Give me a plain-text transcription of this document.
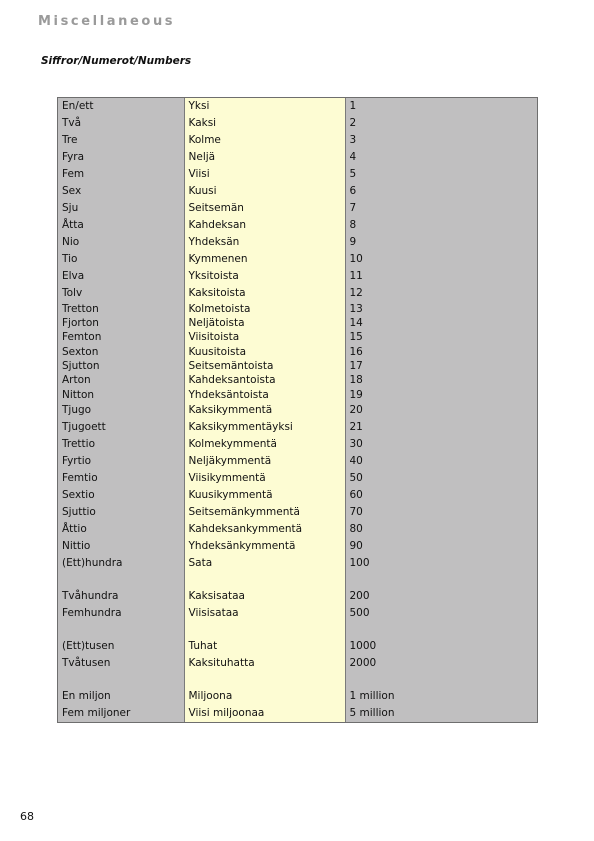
Miscellaneous
Siffror/Numerot/Numbers
En/ett	Yksi	1
Två	Kaksi	2
Tre	Kolme	3
Fyra	Neljä	4
Fem	Viisi	5
Sex	Kuusi	6
Sju	Seitsemän	7
Åtta	Kahdeksan	8
Nio	Yhdeksän	9
Tio	Kymmenen	10
Elva	Yksitoista	11
Tolv	Kaksitoista	12
Tretton	Kolmetoista	13
Fjorton	Neljätoista	14
Femton	Viisitoista	15
Sexton	Kuusitoista	16
Sjutton	Seitsemäntoista	17
Arton	Kahdeksantoista	18
Nitton	Yhdeksäntoista	19
Tjugo	Kaksikymmentä	20
Tjugoett	Kaksikymmentäyksi	21
Trettio	Kolmekymmentä	30
Fyrtio	Neljäkymmentä	40
Femtio	Viisikymmentä	50
Sextio	Kuusikymmentä	60
Sjuttio	Seitsemänkymmentä	70
Åttio	Kahdeksankymmentä	80
Nittio	Yhdeksänkymmentä	90
(Ett)hundra	Sata	100

Tvåhundra	Kaksisataa	200
Femhundra	Viisisataa	500

(Ett)tusen	Tuhat	1000
Tvåtusen	Kaksituhatta	2000

En miljon	Miljoona	1 million
Fem miljoner	Viisi miljoonaa	5 million
68
